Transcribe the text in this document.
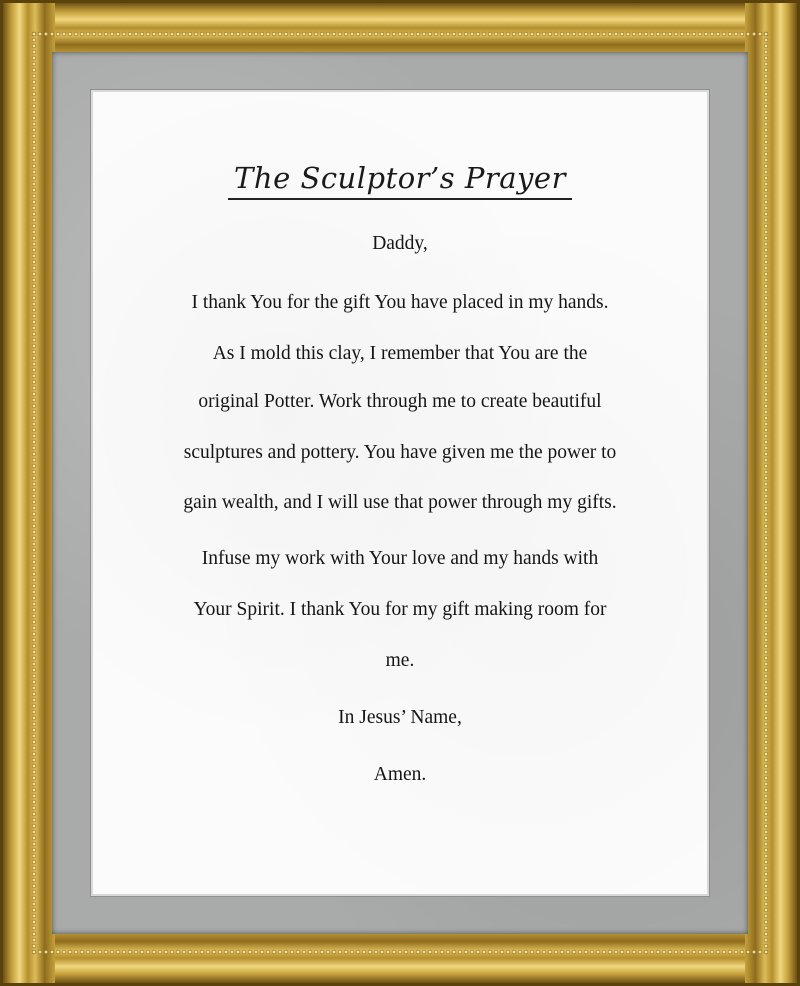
The Sculptor’s Prayer
Daddy,
I thank You for the gift You have placed in my hands.
As I mold this clay, I remember that You are the
original Potter. Work through me to create beautiful
sculptures and pottery. You have given me the power to
gain wealth, and I will use that power through my gifts.
Infuse my work with Your love and my hands with
Your Spirit. I thank You for my gift making room for
me.
In Jesus’ Name,
Amen.
